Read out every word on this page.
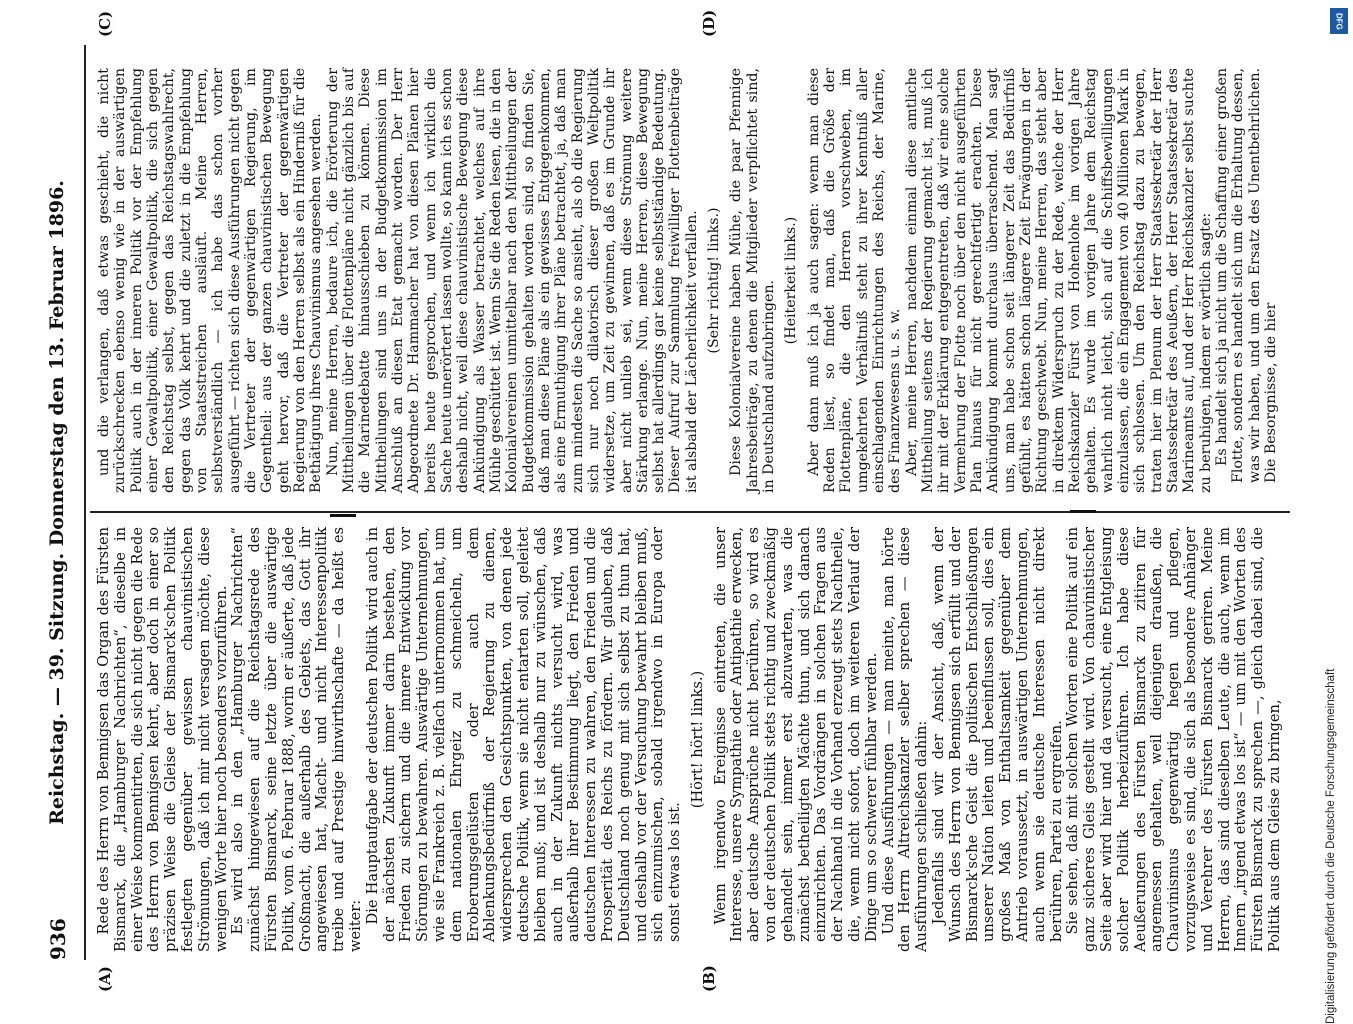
936
Reichstag. — 39. Sitzung. Donnerstag den 13. Februar 1896.
(A)	(B)
(C)	(D)

Rede des Herrn von Bennigsen das Organ des Fürsten Bismarck, die „Hamburger Nachrichten“, dieselbe in einer Weise kommentirten, die sich nicht gegen die Rede des Herrn von Bennigsen kehrt, aber doch in einer so präzisen Weise die Gleise der Bismarck'schen Politik festlegten gegenüber gewissen chauvinistischen Strömungen, daß ich mir nicht versagen möchte, diese wenigen Worte hier noch besonders vorzuführen. Es wird also in den „Hamburger Nachrichten“ zunächst hingewiesen auf die Reichstagsrede des Fürsten Bismarck, seine letzte über die auswärtige Politik, vom 6. Februar 1888, worin er äußerte, daß jede Großmacht, die außerhalb des Gebiets, das Gott ihr angewiesen hat, Macht- und nicht Interessenpolitik treibe und auf Prestige hinwirthschafte — da heißt es weiter:

Die Hauptaufgabe der deutschen Politik wird auch in der nächsten Zukunft immer darin bestehen, den Frieden zu sichern und die innere Entwicklung vor Störungen zu bewahren. Auswärtige Unternehmungen, wie sie Frankreich z. B. vielfach unternommen hat, um dem nationalen Ehrgeiz zu schmeicheln, um Eroberungsgelüsten oder auch dem Ablenkungsbedürfniß der Regierung zu dienen, widersprechen den Gesichtspunkten, von denen jede deutsche Politik, wenn sie nicht entarten soll, geleitet bleiben muß; und ist deshalb nur zu wünschen, daß auch in der Zukunft nichts versucht wird, was außerhalb ihrer Bestimmung liegt, den Frieden und deutschen Interessen zu wahren, den Frieden und die Prosperität des Reichs zu fördern. Wir glauben, daß Deutschland noch genug mit sich selbst zu thun hat, und deshalb vor der Versuchung bewahrt bleiben muß, sich einzumischen, sobald irgendwo in Europa oder sonst etwas los ist.

(Hört! hört! links.) Wenn irgendwo Ereignisse eintreten, die unser Interesse, unsere Sympathie oder Antipathie erwecken, aber deutsche Ansprüche nicht berühren, so wird es von der deutschen Politik stets richtig und zweckmäßig gehandelt sein, immer erst abzuwarten, was die zunächst betheiligten Mächte thun, und sich danach einzurichten. Das Vordrängen in solchen Fragen aus der Nachhand in die Vorhand erzeugt stets Nachtheile, die, wenn nicht sofort, doch im weiteren Verlauf der Dinge um so schwerer fühlbar werden. Und diese Ausführungen — man meinte, man hörte den Herrn Altreichskanzler selber sprechen — diese Ausführungen schließen dahin: Jedenfalls sind wir der Ansicht, daß, wenn der Wunsch des Herrn von Bennigsen sich erfüllt und der Bismarck'sche Geist die politischen Entschließungen unserer Nation leiten und beeinflussen soll, dies ein großes Maß von Enthaltsamkeit gegenüber dem Antrieb voraussetzt, in auswärtigen Unternehmungen, auch wenn sie deutsche Interessen nicht direkt berühren, Partei zu ergreifen. Sie sehen, daß mit solchen Worten eine Politik auf ein ganz sicheres Gleis gestellt wird. Von chauvinistischer Seite aber wird hier und da versucht, eine Entgleisung solcher Politik herbeizuführen. Ich habe diese Aeußerungen des Fürsten Bismarck zu zitiren für angemessen gehalten, weil diejenigen draußen, die Chauvinismus gegenwärtig hegen und pflegen, vorzugsweise es sind, die sich als besondere Anhänger und Verehrer des Fürsten Bismarck geriren. Meine Herren, das sind dieselben Leute, die auch, wenn im Innern „irgend etwas los ist“ — um mit den Worten des Fürsten Bismarck zu sprechen —, gleich dabei sind, die Politik aus dem Gleise zu bringen,

und die verlangen, daß etwas geschieht, die nicht zurückschrecken ebenso wenig wie in der auswärtigen Politik auch in der inneren Politik vor der Empfehlung einer Gewaltpolitik, einer Gewaltpolitik, die sich gegen den Reichstag selbst, gegen das Reichstagswahlrecht, gegen das Volk kehrt und die zuletzt in die Empfehlung von Staatsstreichen ausläuft. Meine Herren, selbstverständlich — ich habe das schon vorher ausgeführt — richten sich diese Ausführungen nicht gegen die Vertreter der gegenwärtigen Regierung, im Gegentheil: aus der ganzen chauvinistischen Bewegung geht hervor, daß die Vertreter der gegenwärtigen Regierung von den Herren selbst als ein Hinderniß für die Bethätigung ihres Chauvinismus angesehen werden. Nun, meine Herren, bedaure ich, die Erörterung der Mittheilungen über die Flottenpläne nicht gänzlich bis auf die Marinedebatte hinausschieben zu können. Diese Mittheilungen sind uns in der Budgetkommission im Anschluß an diesen Etat gemacht worden. Der Herr Abgeordnete Dr. Hammacher hat von diesen Plänen hier bereits heute gesprochen, und wenn ich wirklich die Sache heute unerörtert lassen wollte, so kann ich es schon deshalb nicht, weil diese chauvinistische Bewegung diese Ankündigung als Wasser betrachtet, welches auf ihre Mühle geschüttet ist. Wenn Sie die Reden lesen, die in den Kolonialvereinen unmittelbar nach den Mittheilungen der Budgetkommission gehalten worden sind, so finden Sie, daß man diese Pläne als ein gewisses Entgegenkommen, als eine Ermuthigung ihrer Pläne betrachtet, ja, daß man zum mindesten die Sache so ansieht, als ob die Regierung sich nur noch dilatorisch dieser großen Weltpolitik widersetze, um Zeit zu gewinnen, daß es im Grunde ihr aber nicht unlieb sei, wenn diese Strömung weitere Stärkung erlange. Nun, meine Herren, diese Bewegung selbst hat allerdings gar keine selbstständige Bedeutung. Dieser Aufruf zur Sammlung freiwilliger Flottenbeiträge ist alsbald der Lächerlichkeit verfallen. (Sehr richtig! links.) Diese Kolonialvereine haben Mühe, die paar Pfennige Jahresbeiträge, zu denen die Mitglieder verpflichtet sind, in Deutschland aufzubringen. (Heiterkeit links.) Aber dann muß ich ja auch sagen: wenn man diese Reden liest, so findet man, daß die Größe der Flottenpläne, die den Herren vorschweben, im umgekehrten Verhältniß steht zu ihrer Kenntniß aller einschlagenden Einrichtungen des Reichs, der Marine, des Finanzwesens u. s. w. Aber, meine Herren, nachdem einmal diese amtliche Mittheilung seitens der Regierung gemacht ist, muß ich ihr mit der Erklärung entgegentreten, daß wir eine solche Vermehrung der Flotte noch über den nicht ausgeführten Plan hinaus für nicht gerechtfertigt erachten. Diese Ankündigung kommt durchaus überraschend. Man sagt uns, man habe schon seit längerer Zeit das Bedürfniß gefühlt, es hätten schon längere Zeit Erwägungen in der Richtung geschwebt. Nun, meine Herren, das steht aber in direktem Widerspruch zu der Rede, welche der Herr Reichskanzler Fürst von Hohenlohe im vorigen Jahre gehalten. Es wurde im vorigen Jahre dem Reichstag wahrlich nicht leicht, sich auf die Schiffsbewilligungen einzulassen, die ein Engagement von 40 Millionen Mark in sich schlossen. Um den Reichstag dazu zu bewegen, traten hier im Plenum der Herr Staatssekretär der Herr Staatssekretär des Aeußern, der Herr Staatssekretär des Marineamts auf, und der Herr Reichskanzler selbst suchte zu beruhigen, indem er wörtlich sagte: Es handelt sich ja nicht um die Schaffung einer großen Flotte, sondern es handelt sich um die Erhaltung dessen, was wir haben, und um den Ersatz des Unentbehrlichen. Die Besorgnisse, die hier

DFG
Digitalisierung gefördert durch die Deutsche Forschungsgemeinschaft
